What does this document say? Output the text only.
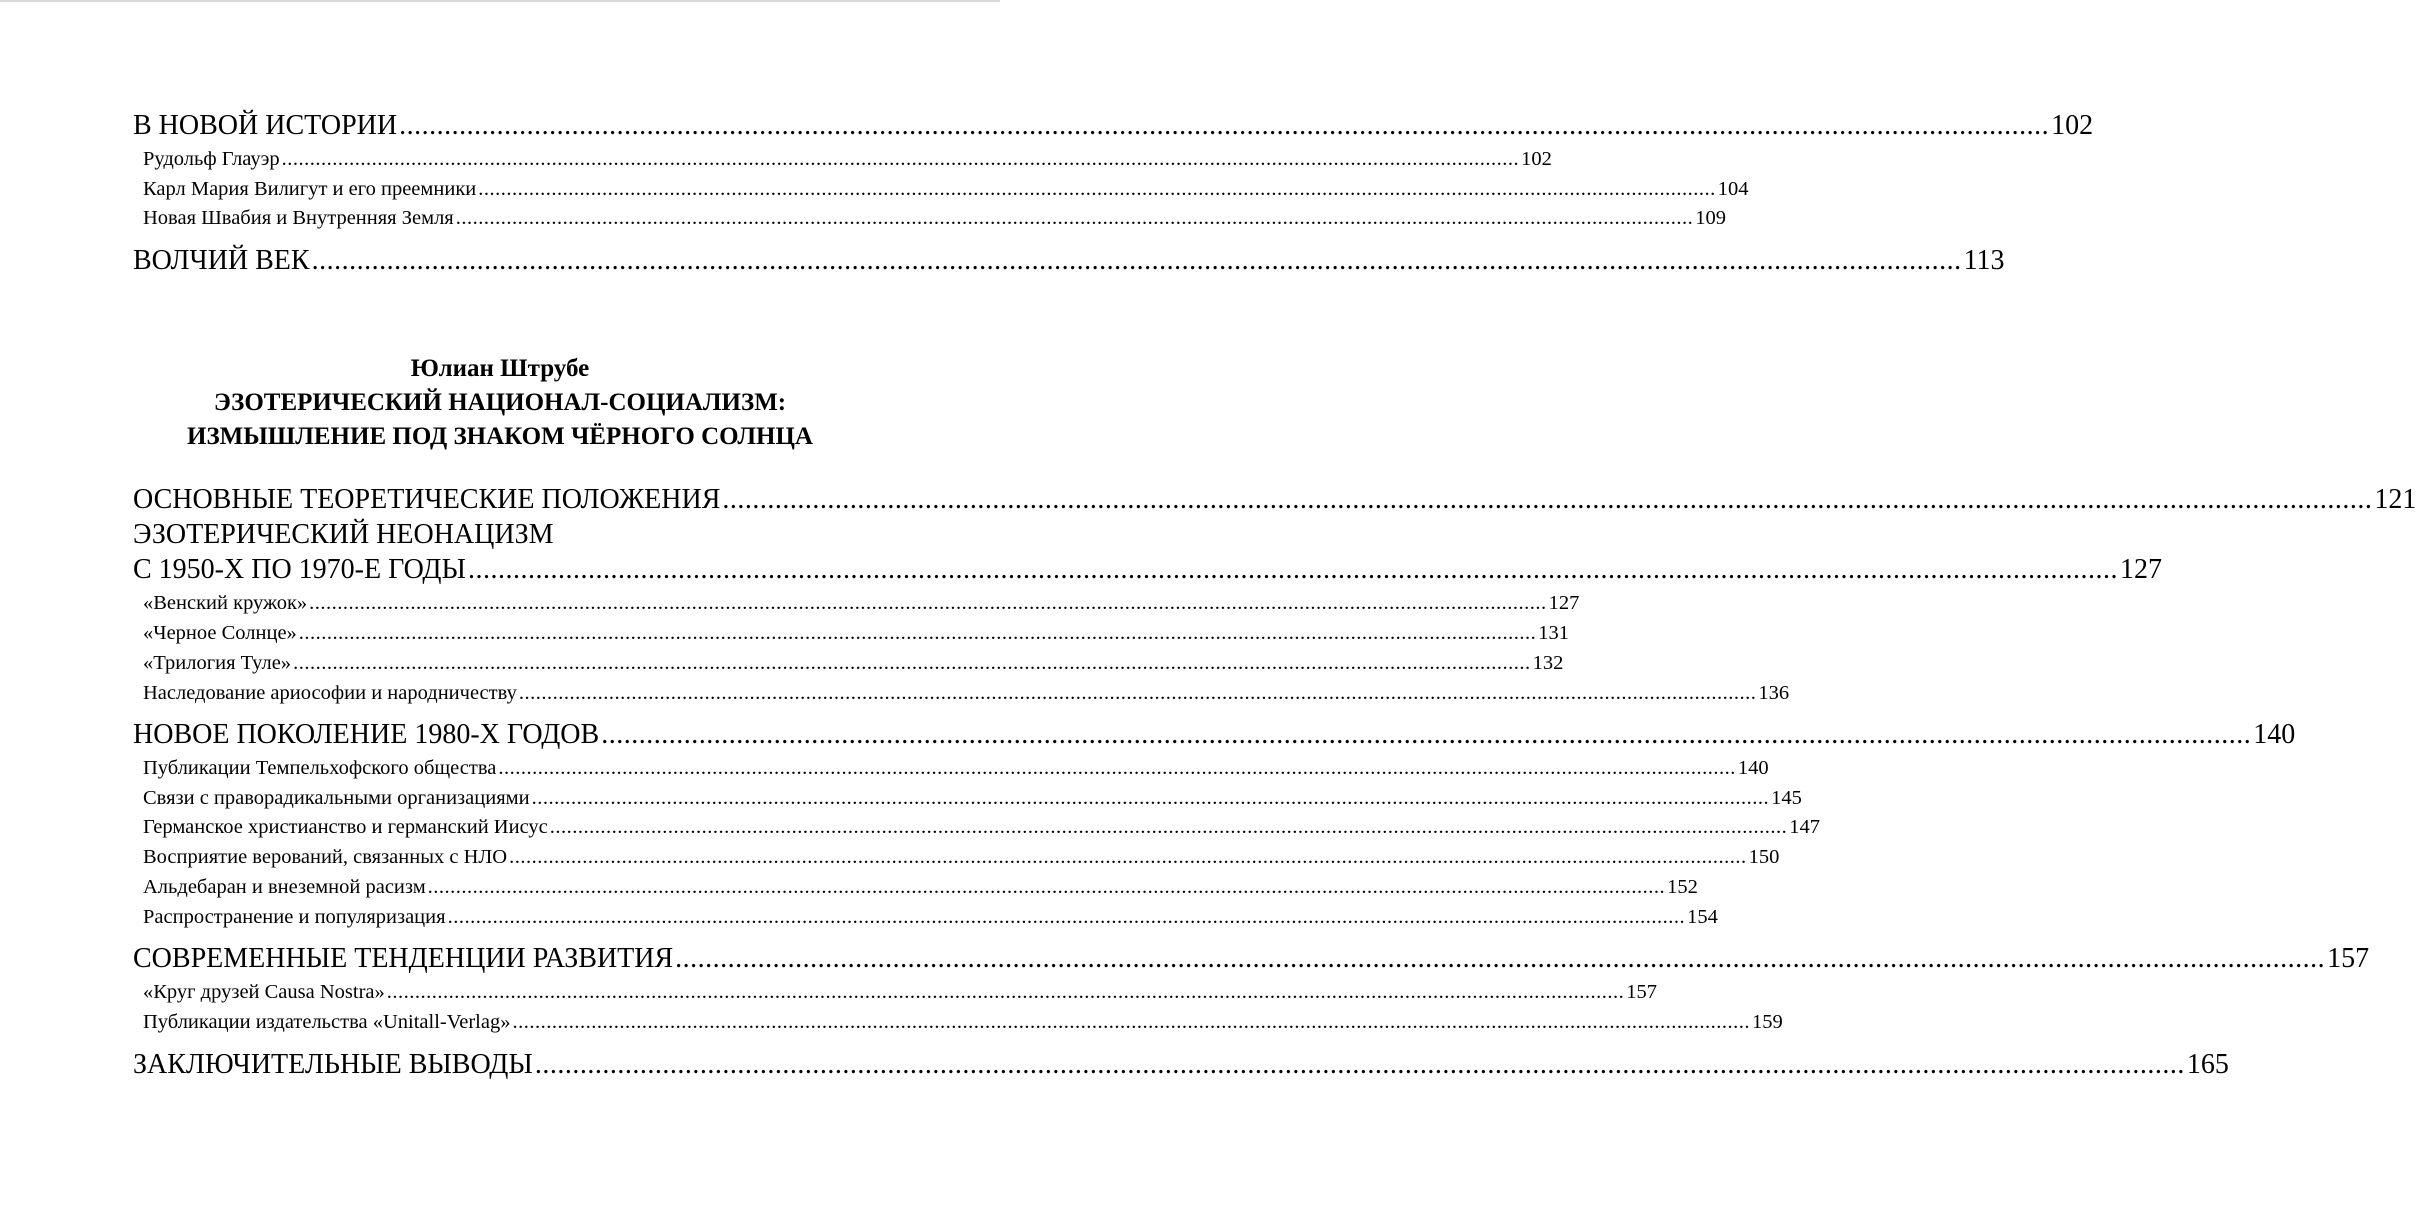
В НОВОЙ ИСТОРИИ ............................................................................................................................................................................................................................ 102
Рудольф Глауэр ............................................................................................................................................................................................................................ 102
Карл Мария Вилигут и его преемники ............................................................................................................................................................................................................................ 104
Новая Швабия и Внутренняя Земля ............................................................................................................................................................................................................................ 109
ВОЛЧИЙ ВЕК ............................................................................................................................................................................................................................ 113
Юлиан Штрубе
ЭЗОТЕРИЧЕСКИЙ НАЦИОНАЛ-СОЦИАЛИЗМ:
ИЗМЫШЛЕНИЕ ПОД ЗНАКОМ ЧЁРНОГО СОЛНЦА
ОСНОВНЫЕ ТЕОРЕТИЧЕСКИЕ ПОЛОЖЕНИЯ ............................................................................................................................................................................................................................ 121
ЭЗОТЕРИЧЕСКИЙ НЕОНАЦИЗМ
С 1950-Х ПО 1970-Е ГОДЫ ............................................................................................................................................................................................................................ 127
«Венский кружок» ............................................................................................................................................................................................................................ 127
«Черное Солнце» ............................................................................................................................................................................................................................ 131
«Трилогия Туле» ............................................................................................................................................................................................................................ 132
Наследование ариософии и народничеству ............................................................................................................................................................................................................................ 136
НОВОЕ ПОКОЛЕНИЕ 1980-Х ГОДОВ ............................................................................................................................................................................................................................ 140
Публикации Темпельхофского общества ............................................................................................................................................................................................................................ 140
Связи с праворадикальными организациями ............................................................................................................................................................................................................................ 145
Германское христианство и германский Иисус ............................................................................................................................................................................................................................ 147
Восприятие верований, связанных с НЛО ............................................................................................................................................................................................................................ 150
Альдебаран и внеземной расизм ............................................................................................................................................................................................................................ 152
Распространение и популяризация ............................................................................................................................................................................................................................ 154
СОВРЕМЕННЫЕ ТЕНДЕНЦИИ РАЗВИТИЯ ............................................................................................................................................................................................................................ 157
«Круг друзей Causa Nostra» ............................................................................................................................................................................................................................ 157
Публикации издательства «Unitall-Verlag» ............................................................................................................................................................................................................................ 159
ЗАКЛЮЧИТЕЛЬНЫЕ ВЫВОДЫ ............................................................................................................................................................................................................................ 165
